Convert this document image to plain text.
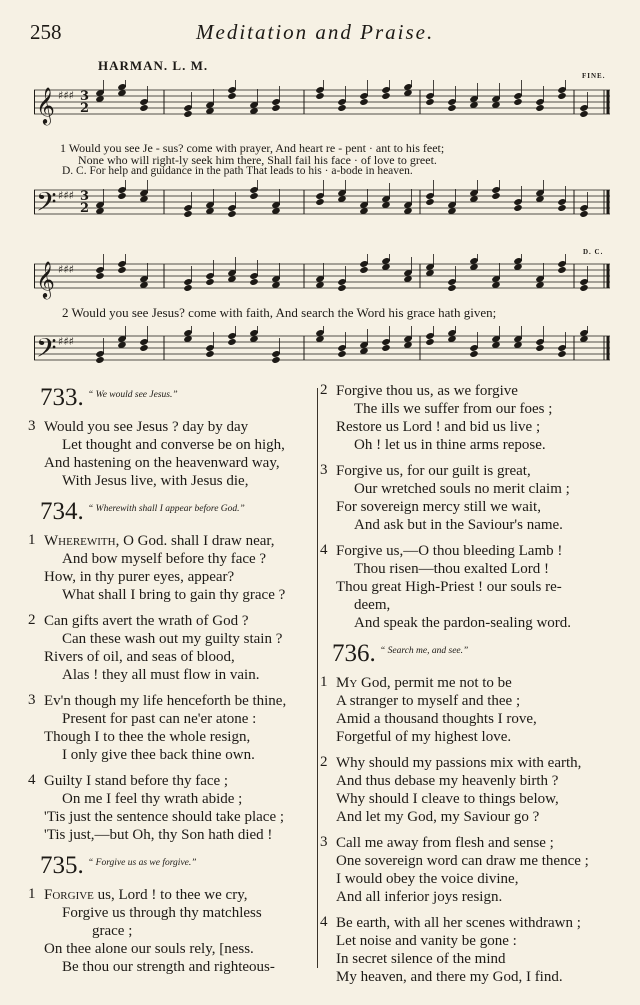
258	Meditation and Praise.
HARMAN. L. M.
FINE.
D. C.
𝄞 ♯♯♯ 3
2
1 Would you see Je - sus? come with prayer, And heart re - pent · ant to his feet;
None who will right-ly seek him there, Shall fail his face · of love to greet.
D. C. For help and guidance in the path That leads to his · a-bode in heaven.
𝄢 ♯♯♯ 3
2
𝄞 ♯♯♯
2 Would you see Jesus? come with faith, And search the Word his grace hath given;
𝄢 ♯♯♯
733. “ We would see Jesus.”
3 Would you see Jesus ? day by day
Let thought and converse be on high,
And hastening on the heavenward way,
With Jesus live, with Jesus die,
734. “ Wherewith shall I appear before God.”
1 Wherewith, O God. shall I draw near,
And bow myself before thy face ?
How, in thy purer eyes, appear?
What shall I bring to gain thy grace ?
2 Can gifts avert the wrath of God ?
Can these wash out my guilty stain ?
Rivers of oil, and seas of blood,
Alas ! they all must flow in vain.
3 Ev'n though my life henceforth be thine,
Present for past can ne'er atone :
Though I to thee the whole resign,
I only give thee back thine own.
4 Guilty I stand before thy face ;
On me I feel thy wrath abide ;
'Tis just the sentence should take place ;
'Tis just,—but Oh, thy Son hath died !
735. “ Forgive us as we forgive.”
1 Forgive us, Lord ! to thee we cry,
Forgive us through thy matchless
grace ;
On thee alone our souls rely, [ness.
Be thou our strength and righteous-
2 Forgive thou us, as we forgive
The ills we suffer from our foes ;
Restore us Lord ! and bid us live ;
Oh ! let us in thine arms repose.
3 Forgive us, for our guilt is great,
Our wretched souls no merit claim ;
For sovereign mercy still we wait,
And ask but in the Saviour's name.
4 Forgive us,—O thou bleeding Lamb !
Thou risen—thou exalted Lord !
Thou great High-Priest ! our souls re-
deem,
And speak the pardon-sealing word.
736. “ Search me, and see.”
1 My God, permit me not to be
A stranger to myself and thee ;
Amid a thousand thoughts I rove,
Forgetful of my highest love.
2 Why should my passions mix with earth,
And thus debase my heavenly birth ?
Why should I cleave to things below,
And let my God, my Saviour go ?
3 Call me away from flesh and sense ;
One sovereign word can draw me thence ;
I would obey the voice divine,
And all inferior joys resign.
4 Be earth, with all her scenes withdrawn ;
Let noise and vanity be gone :
In secret silence of the mind
My heaven, and there my God, I find.
